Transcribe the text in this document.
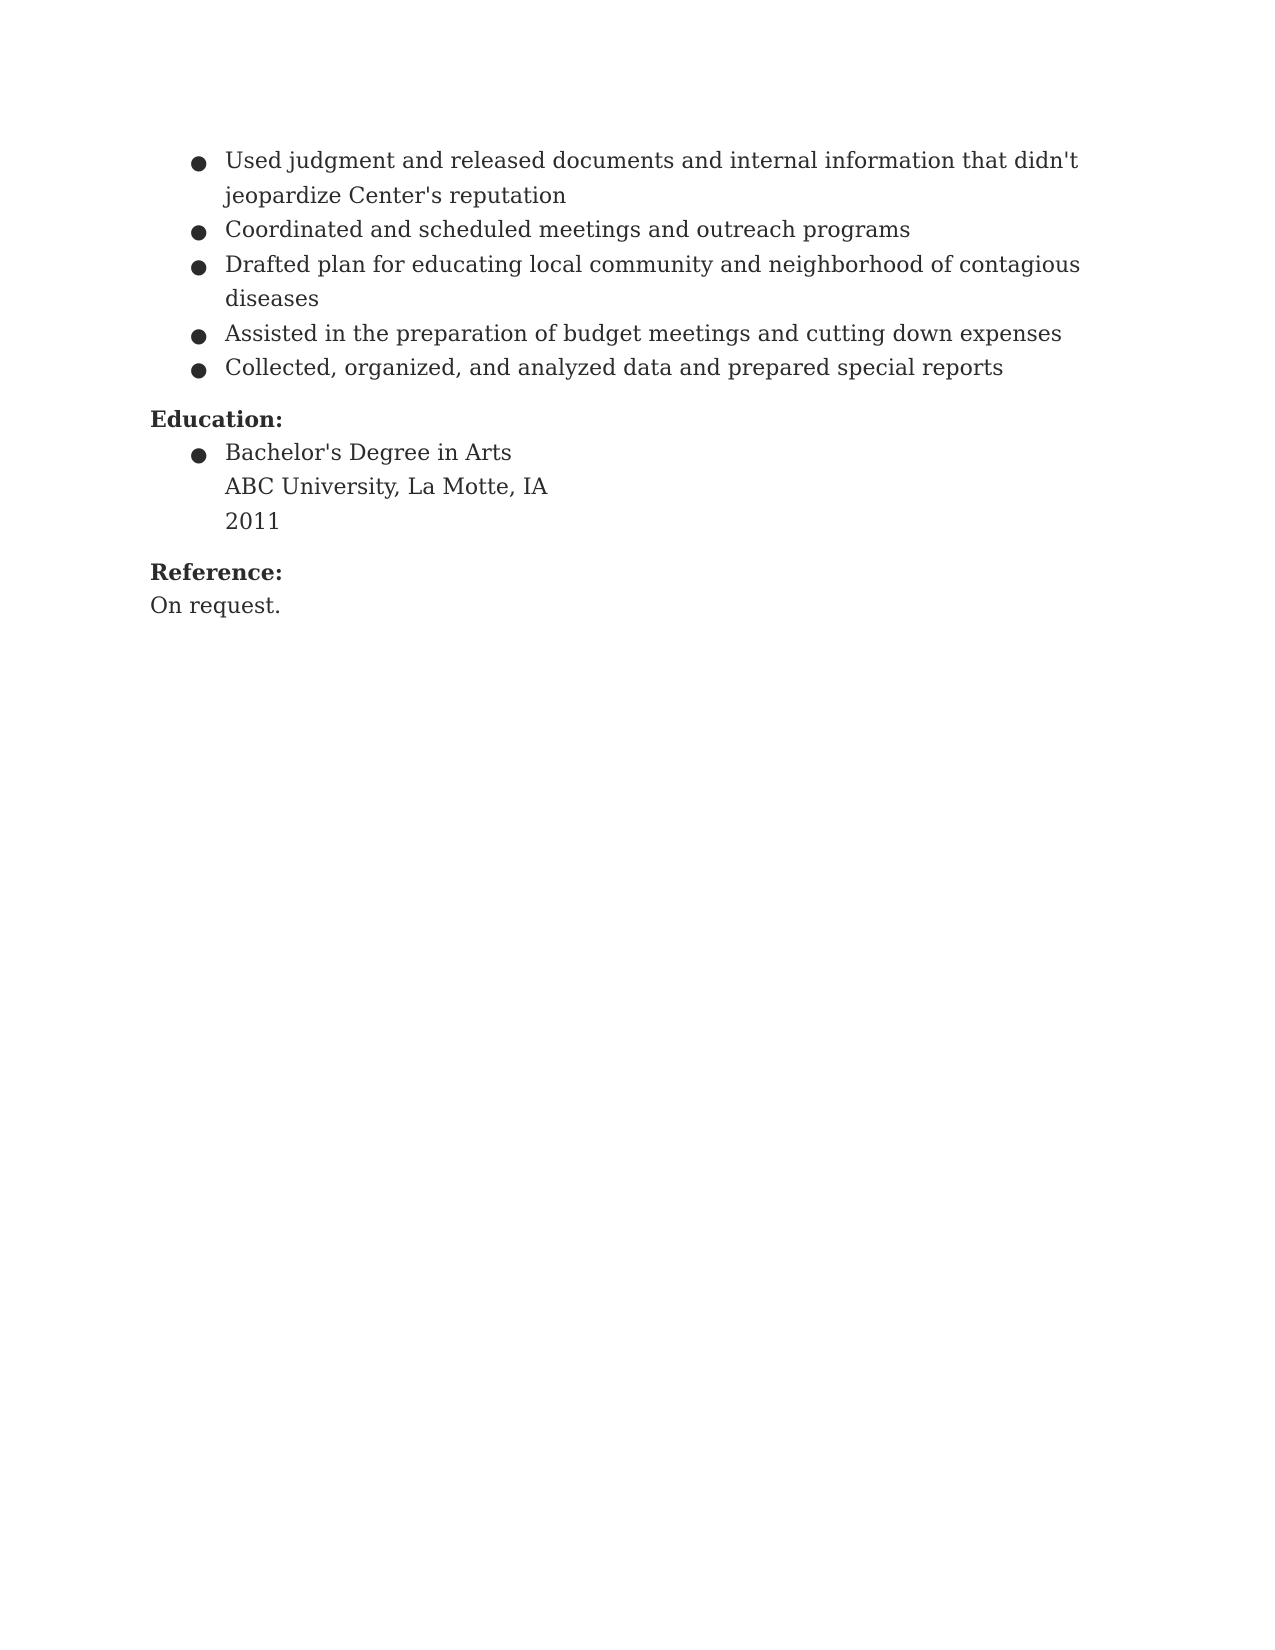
● Used judgment and released documents and internal information that didn't jeopardize Center's reputation
● Coordinated and scheduled meetings and outreach programs
● Drafted plan for educating local community and neighborhood of contagious diseases
● Assisted in the preparation of budget meetings and cutting down expenses
● Collected, organized, and analyzed data and prepared special reports
Education:
● Bachelor's Degree in Arts
ABC University, La Motte, IA
2011
Reference:

On request.
